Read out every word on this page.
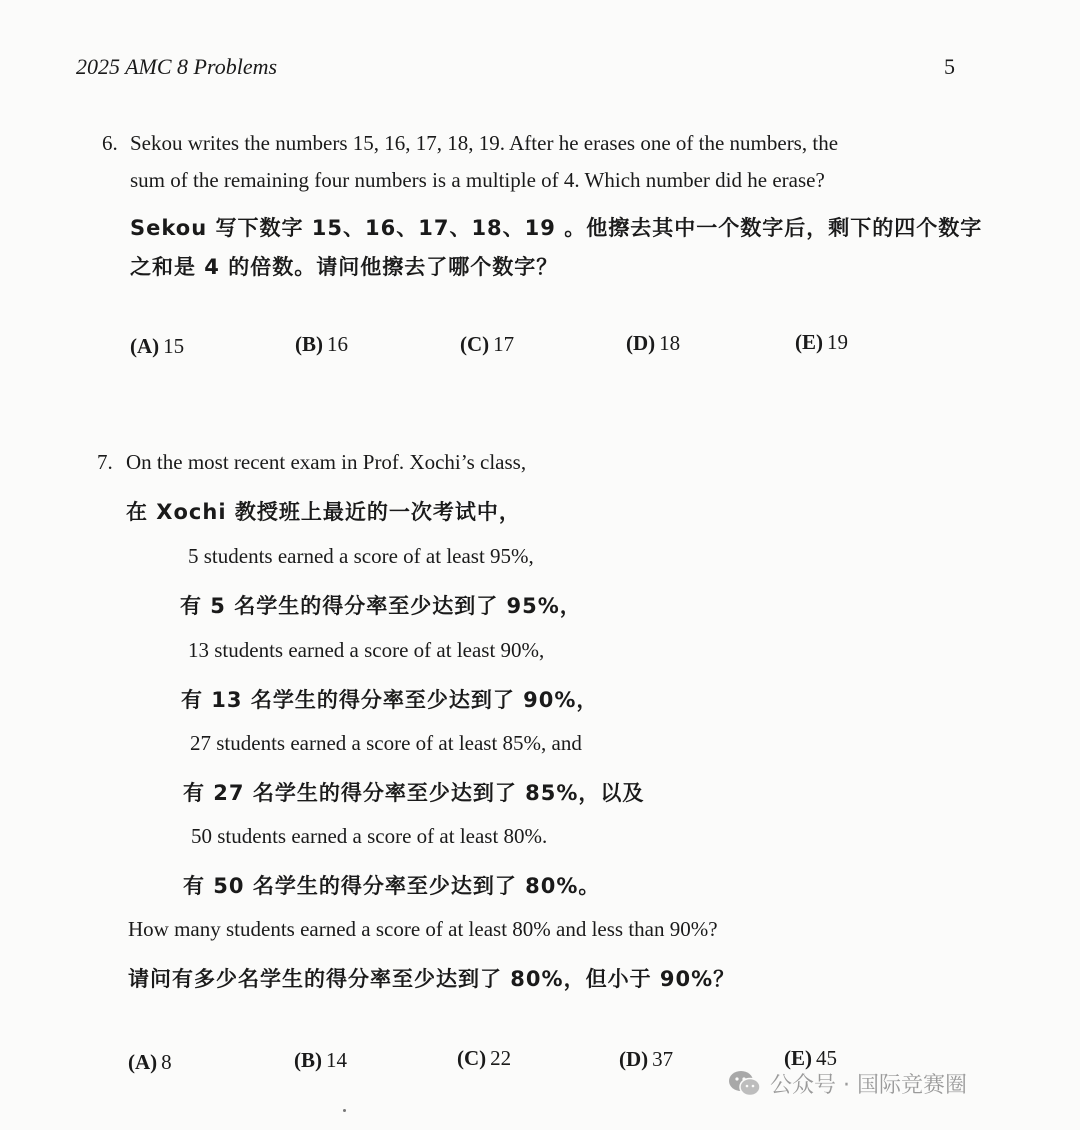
2025 AMC 8 Problems	5
6. Sekou writes the numbers 15, 16, 17, 18, 19. After he erases one of the numbers, the
sum of the remaining four numbers is a multiple of 4. Which number did he erase?
Sekou 写下数字 15、16、17、18、19 。他擦去其中一个数字后，剩下的四个数字
之和是 4 的倍数。请问他擦去了哪个数字？
(A) 15	(B) 16	(C) 17	(D) 18	(E) 19
7. On the most recent exam in Prof. Xochi’s class,
在 Xochi 教授班上最近的一次考试中，
5 students earned a score of at least 95%,
有 5 名学生的得分率至少达到了 95%，
13 students earned a score of at least 90%,
有 13 名学生的得分率至少达到了 90%，
27 students earned a score of at least 85%, and
有 27 名学生的得分率至少达到了 85%，以及
50 students earned a score of at least 80%.
有 50 名学生的得分率至少达到了 80%。
How many students earned a score of at least 80% and less than 90%?
请问有多少名学生的得分率至少达到了 80%，但小于 90%？
(A) 8	(B) 14	(C) 22	(D) 37	(E) 45
公众号 · 国际竞赛圈
